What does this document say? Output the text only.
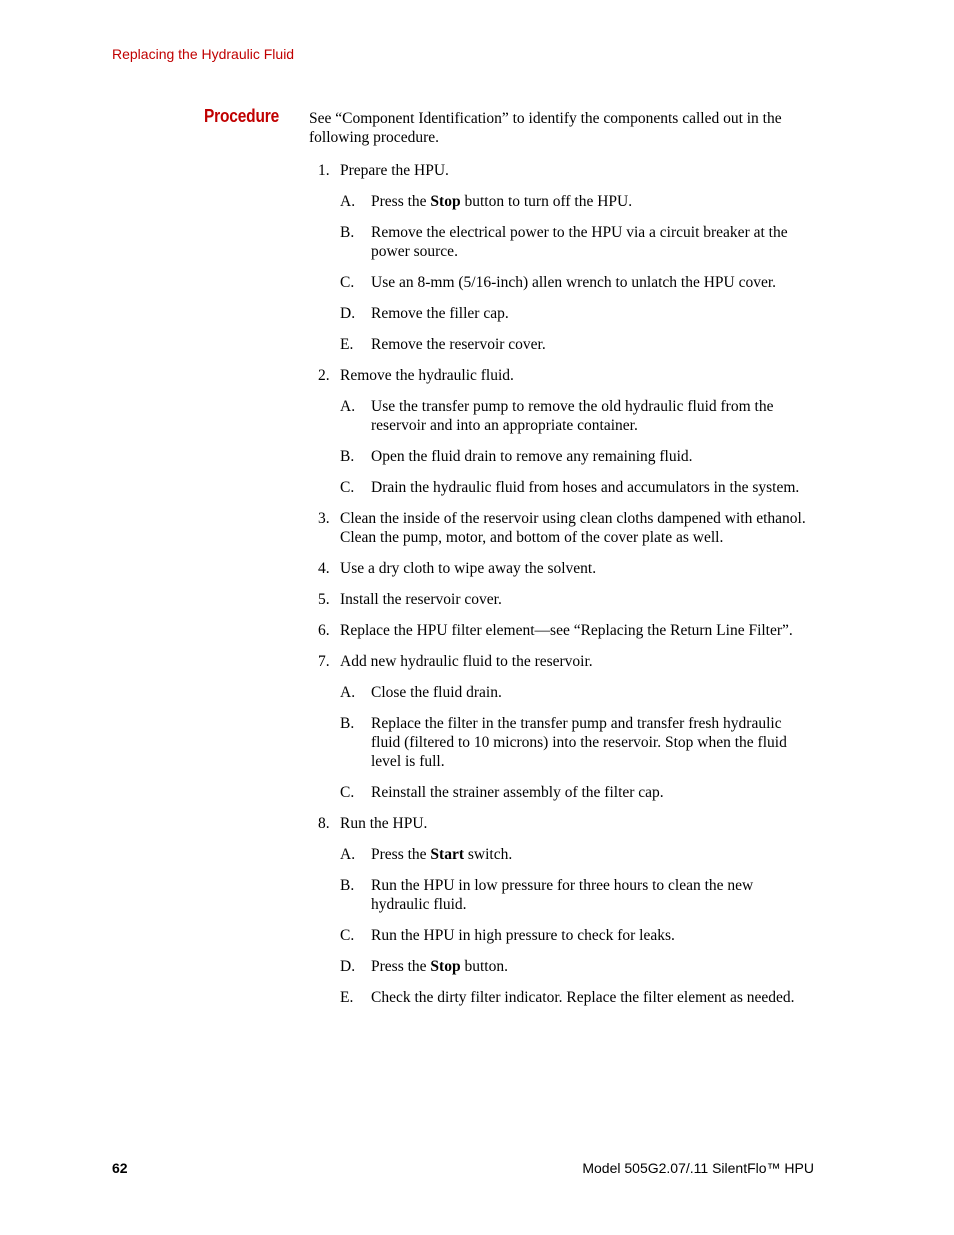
Replacing the Hydraulic Fluid
Procedure See “Component Identification” to identify the components called out in the following procedure.

1. Prepare the HPU.
A. Press the Stop button to turn off the HPU.
B. Remove the electrical power to the HPU via a circuit breaker at the power source.
C. Use an 8-mm (5/16-inch) allen wrench to unlatch the HPU cover.
D. Remove the filler cap.
E. Remove the reservoir cover.
2. Remove the hydraulic fluid.
A. Use the transfer pump to remove the old hydraulic fluid from the reservoir and into an appropriate container.
B. Open the fluid drain to remove any remaining fluid.
C. Drain the hydraulic fluid from hoses and accumulators in the system.
3. Clean the inside of the reservoir using clean cloths dampened with ethanol. Clean the pump, motor, and bottom of the cover plate as well.
4. Use a dry cloth to wipe away the solvent.
5. Install the reservoir cover.
6. Replace the HPU filter element—see “Replacing the Return Line Filter”.
7. Add new hydraulic fluid to the reservoir.
A. Close the fluid drain.
B. Replace the filter in the transfer pump and transfer fresh hydraulic fluid (filtered to 10 microns) into the reservoir. Stop when the fluid level is full.
C. Reinstall the strainer assembly of the filter cap.
8. Run the HPU.
A. Press the Start switch.
B. Run the HPU in low pressure for three hours to clean the new hydraulic fluid.
C. Run the HPU in high pressure to check for leaks.
D. Press the Stop button.
E. Check the dirty filter indicator. Replace the filter element as needed.
62	Model 505G2.07/.11 SilentFlo™ HPU
